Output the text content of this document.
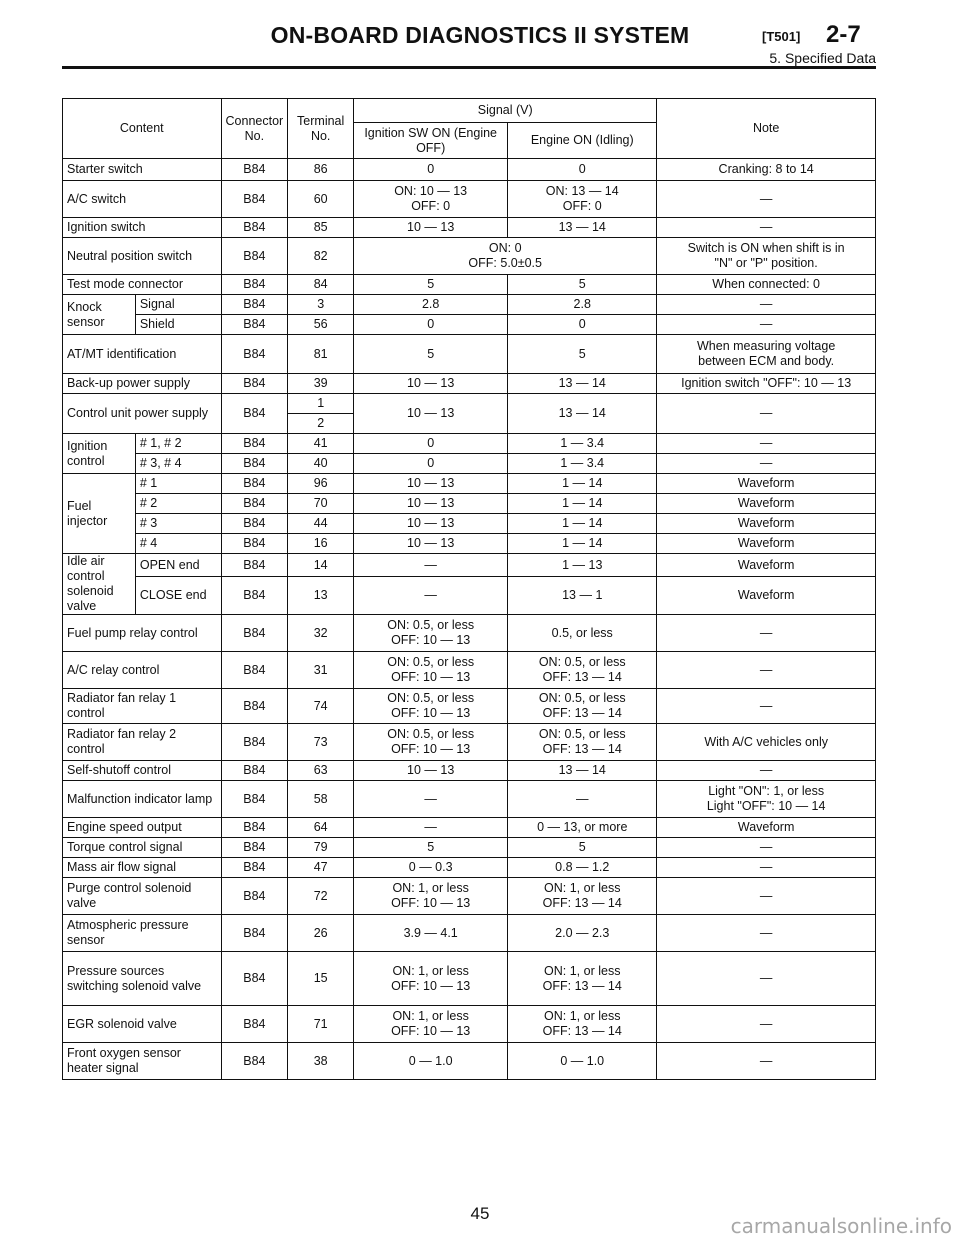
ON-BOARD DIAGNOSTICS II SYSTEM	[T501] 2-7
5. Specified Data
Content		Connector No.	Terminal No.	Signal (V)		Note
				Ignition SW ON (Engine OFF)	Engine ON (Idling)	
Starter switch		B84	86	0	0	Cranking: 8 to 14
A/C switch		B84	60	ON: 10 — 13
OFF: 0	ON: 13 — 14
OFF: 0	—
Ignition switch		B84	85	10 — 13	13 — 14	—
Neutral position switch		B84	82	ON: 0
OFF: 5.0±0.5		Switch is ON when shift is in
"N" or "P" position.
Test mode connector		B84	84	5	5	When connected: 0
Knock sensor	Signal	B84	3	2.8	2.8	—
	Shield	B84	56	0	0	—
AT/MT identification		B84	81	5	5	When measuring voltage
between ECM and body.
Back-up power supply		B84	39	10 — 13	13 — 14	Ignition switch "OFF": 10 — 13
Control unit power supply		B84	1	10 — 13	13 — 14	—
			2			
Ignition control	# 1, # 2	B84	41	0	1 — 3.4	—
	# 3, # 4	B84	40	0	1 — 3.4	—
Fuel injector	# 1	B84	96	10 — 13	1 — 14	Waveform
	# 2	B84	70	10 — 13	1 — 14	Waveform
	# 3	B84	44	10 — 13	1 — 14	Waveform
	# 4	B84	16	10 — 13	1 — 14	Waveform
Idle air control solenoid valve	OPEN end	B84	14	—	1 — 13	Waveform
	CLOSE end	B84	13	—	13 — 1	Waveform
Fuel pump relay control		B84	32	ON: 0.5, or less
OFF: 10 — 13	0.5, or less	—
A/C relay control		B84	31	ON: 0.5, or less
OFF: 10 — 13	ON: 0.5, or less
OFF: 13 — 14	—
Radiator fan relay 1 control		B84	74	ON: 0.5, or less
OFF: 10 — 13	ON: 0.5, or less
OFF: 13 — 14	—
Radiator fan relay 2 control		B84	73	ON: 0.5, or less
OFF: 10 — 13	ON: 0.5, or less
OFF: 13 — 14	With A/C vehicles only
Self-shutoff control		B84	63	10 — 13	13 — 14	—
Malfunction indicator lamp		B84	58	—	—	Light "ON": 1, or less
Light "OFF": 10 — 14
Engine speed output		B84	64	—	0 — 13, or more	Waveform
Torque control signal		B84	79	5	5	—
Mass air flow signal		B84	47	0 — 0.3	0.8 — 1.2	—
Purge control solenoid valve		B84	72	ON: 1, or less
OFF: 10 — 13	ON: 1, or less
OFF: 13 — 14	—
Atmospheric pressure sensor		B84	26	3.9 — 4.1	2.0 — 2.3	—
Pressure sources switching solenoid valve		B84	15	ON: 1, or less
OFF: 10 — 13	ON: 1, or less
OFF: 13 — 14	—
EGR solenoid valve		B84	71	ON: 1, or less
OFF: 10 — 13	ON: 1, or less
OFF: 13 — 14	—
Front oxygen sensor heater signal		B84	38	0 — 1.0	0 — 1.0	—
45
carmanualsonline.info
